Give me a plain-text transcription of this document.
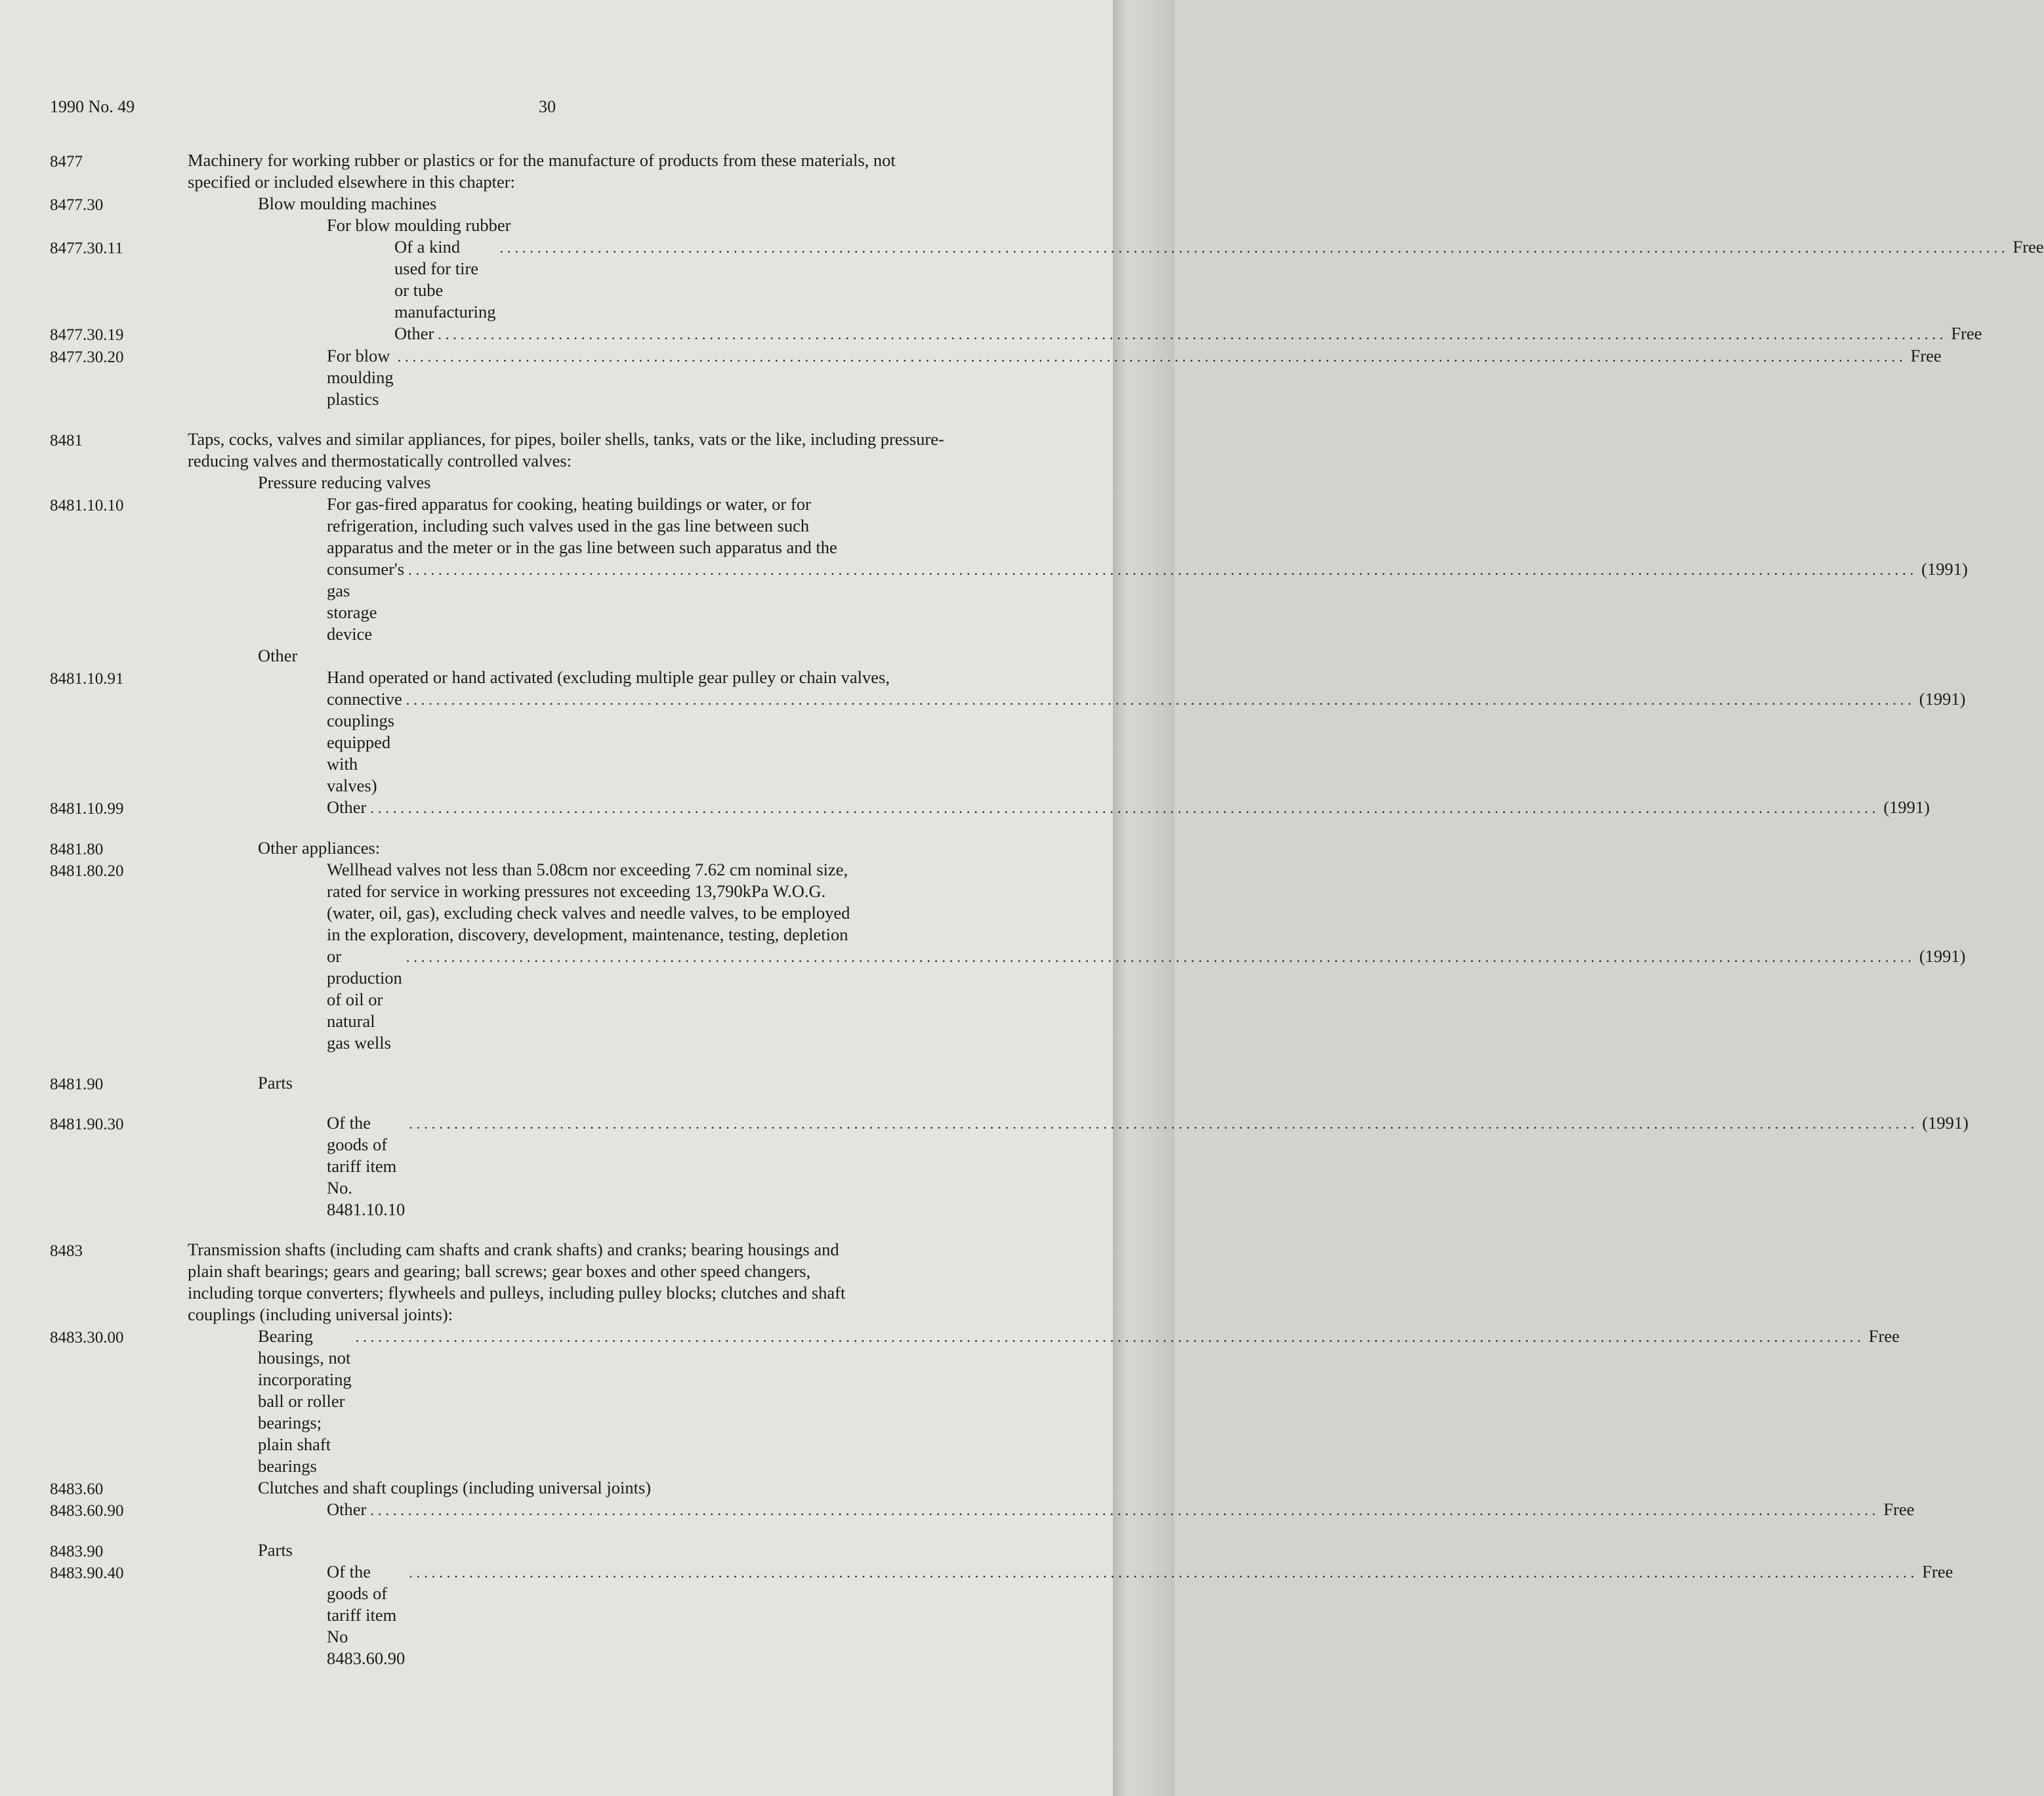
1990 No. 49	30
8477	Machinery for working rubber or plastics or for the manufacture of products from these materials, not
specified or included elsewhere in this chapter:
8477.30	Blow moulding machines
For blow moulding rubber
8477.30.11	Of a kind used for tire or tube manufacturing
........................................................................................................................................................................................................ Free
8477.30.19	Other ........................................................................................................................................................................................................ Free
8477.30.20	For blow moulding plastics
........................................................................................................................................................................................................ Free
8481	Taps, cocks, valves and similar appliances, for pipes, boiler shells, tanks, vats or the like, including pressure-
reducing valves and thermostatically controlled valves:
Pressure reducing valves
8481.10.10	For gas-fired apparatus for cooking, heating buildings or water, or for
refrigeration, including such valves used in the gas line between such
apparatus and the meter or in the gas line between such apparatus and the
consumer's gas storage device
........................................................................................................................................................................................................ (1991)
Other
8481.10.91	Hand operated or hand activated (excluding multiple gear pulley or chain valves,
connective couplings equipped with valves)
........................................................................................................................................................................................................ (1991)
8481.10.99	Other ........................................................................................................................................................................................................ (1991)
8481.80	Other appliances:
8481.80.20	Wellhead valves not less than 5.08cm nor exceeding 7.62 cm nominal size,
rated for service in working pressures not exceeding 13,790kPa W.O.G.
(water, oil, gas), excluding check valves and needle valves, to be employed
in the exploration, discovery, development, maintenance, testing, depletion
or production of oil or natural gas wells
........................................................................................................................................................................................................ (1991)
8481.90	Parts
8481.90.30	Of the goods of tariff item No. 8481.10.10
........................................................................................................................................................................................................ (1991)
8483	Transmission shafts (including cam shafts and crank shafts) and cranks; bearing housings and
plain shaft bearings; gears and gearing; ball screws; gear boxes and other speed changers,
including torque converters; flywheels and pulleys, including pulley blocks; clutches and shaft
couplings (including universal joints):
8483.30.00	Bearing housings, not incorporating ball or roller bearings; plain shaft bearings
........................................................................................................................................................................................................ Free
8483.60	Clutches and shaft couplings (including universal joints)
8483.60.90	Other ........................................................................................................................................................................................................ Free
8483.90	Parts
8483.90.40	Of the goods of tariff item No 8483.60.90
........................................................................................................................................................................................................ Free
